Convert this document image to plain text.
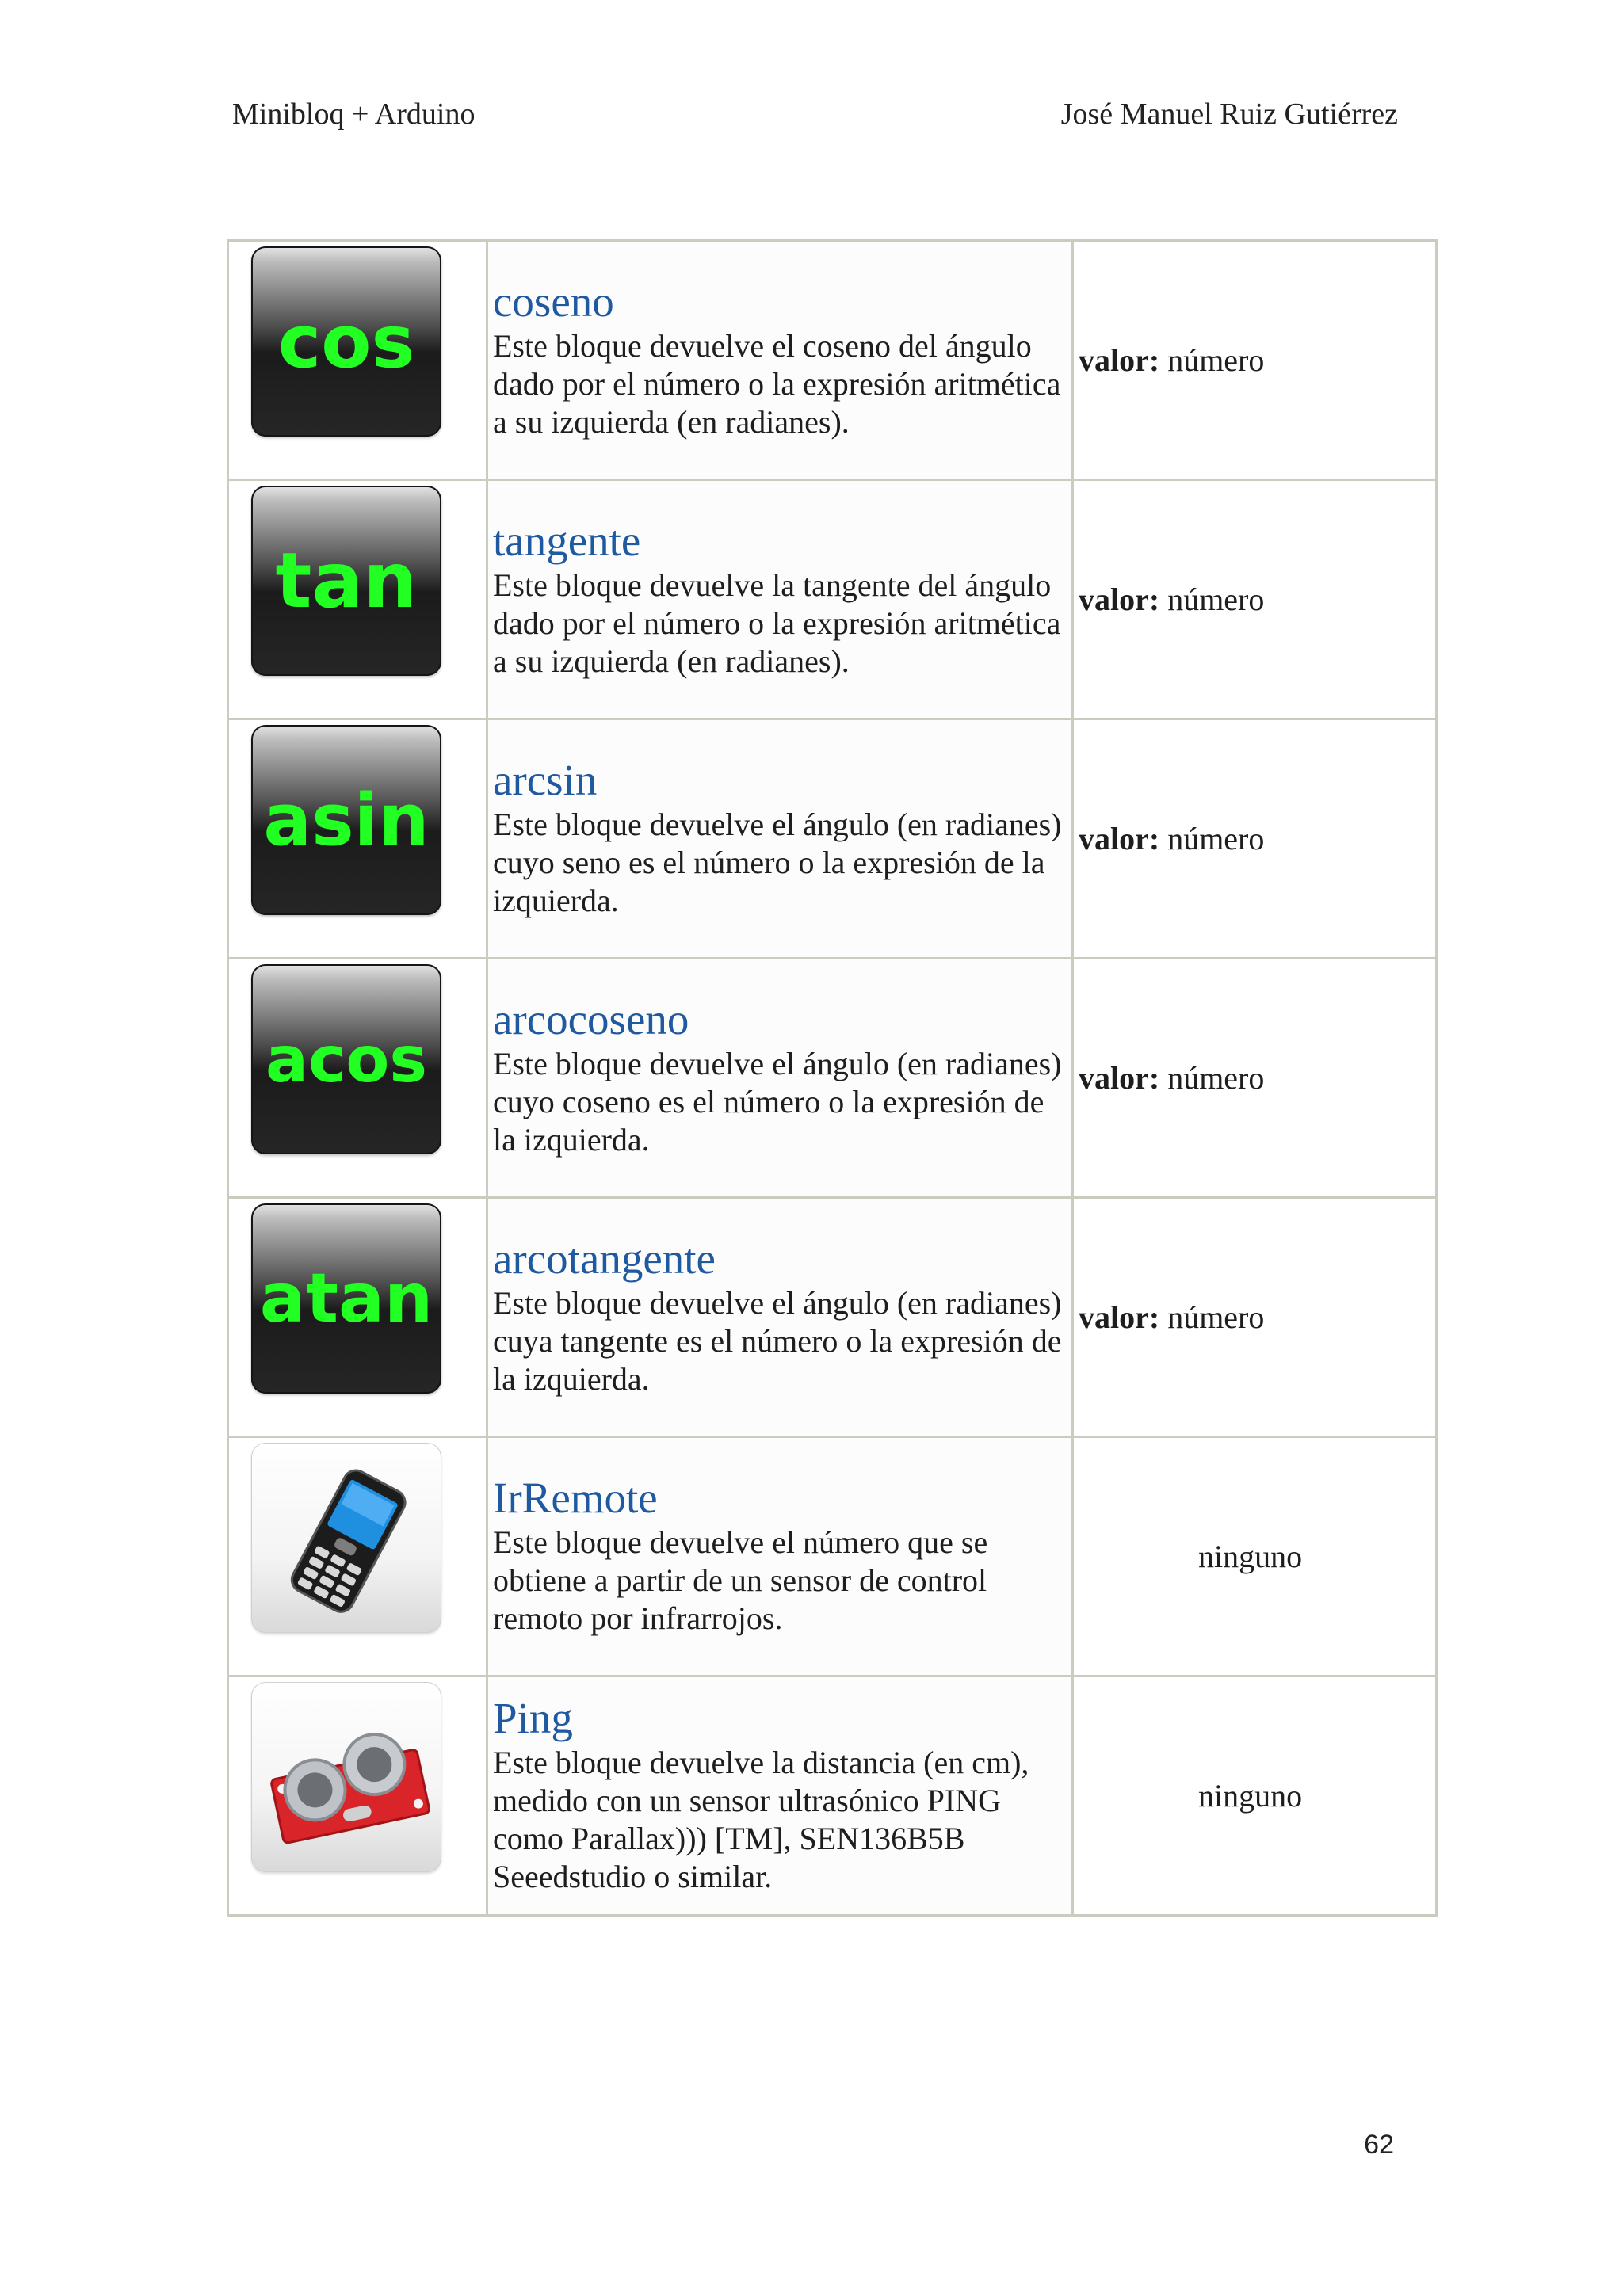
Minibloq + Arduino	José Manuel Ruiz Gutiérrez
cos	coseno
Este bloque devuelve el coseno del ángulo dado por el número o la expresión aritmética a su izquierda (en radianes).	valor: número

tan	tangente
Este bloque devuelve la tangente del ángulo dado por el número o la expresión aritmética a su izquierda (en radianes).	valor: número

asin	arcsin
Este bloque devuelve el ángulo (en radianes) cuyo seno es el número o la expresión de la izquierda.	valor: número

acos	arcocoseno
Este bloque devuelve el ángulo (en radianes) cuyo coseno es el número o la expresión de la izquierda.	valor: número

atan	arcotangente
Este bloque devuelve el ángulo (en radianes) cuya tangente es el número o la expresión de la izquierda.	valor: número

IrRemote
Este bloque devuelve el número que se obtiene a partir de un sensor de control remoto por infrarrojos.	ninguno

Ping
Este bloque devuelve la distancia (en cm), medido con un sensor ultrasónico PING como Parallax))) [TM], SEN136B5B Seeedstudio o similar.	ninguno
62
